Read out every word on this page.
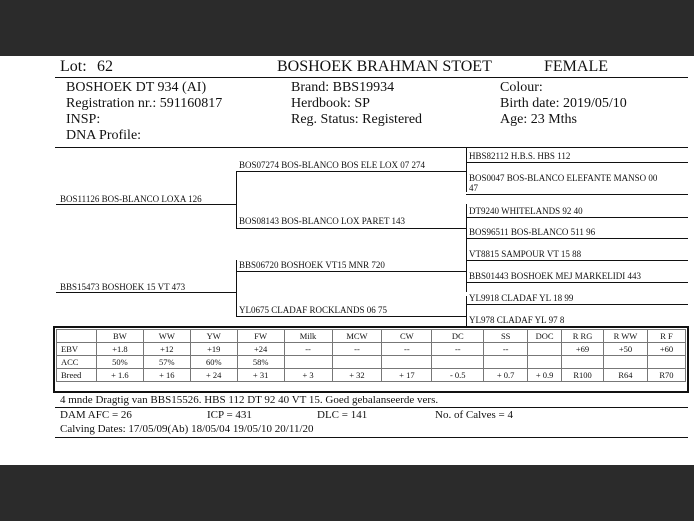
Lot: 62	BOSHOEK BRAHMAN STOET	FEMALE
BOSHOEK DT 934 (AI)
Registration nr.: 591160817
INSP:
DNA Profile:
Brand: BBS19934
Herdbook: SP
Reg. Status: Registered
Colour:
Birth date: 2019/05/10
Age: 23 Mths
BOS11126 BOS-BLANCO LOXA 126
BBS15473 BOSHOEK 15 VT 473
BOS07274 BOS-BLANCO BOS ELE LOX 07 274
BOS08143 BOS-BLANCO LOX PARET 143
BBS06720 BOSHOEK VT15 MNR 720
YL0675 CLADAF ROCKLANDS 06 75
HBS82112 H.B.S. HBS 112
BOS0047 BOS-BLANCO ELEFANTE MANSO 00
47
DT9240 WHITELANDS 92 40
BOS96511 BOS-BLANCO 511 96
VT8815 SAMPOUR VT 15 88
BBS01443 BOSHOEK MEJ MARKELIDI 443
YL9918 CLADAF YL 18 99
YL978 CLADAF YL 97 8
	BW	WW	YW	FW	Milk	MCW	CW	DC	SS	DOC	R RG	R WW	R F
EBV	+1.8	+12	+19	+24	--	--	--	--	--		+69	+50	+60
ACC	50%	57%	60%	58%									
Breed	+ 1.6	+ 16	+ 24	+ 31	+ 3	+ 32	+ 17	- 0.5	+ 0.7	+ 0.9	R100	R64	R70
4 mnde Dragtig van BBS15526. HBS 112 DT 92 40 VT 15. Goed gebalanseerde vers.
DAM AFC = 26	ICP = 431	DLC = 141	No. of Calves = 4
Calving Dates: 17/05/09(Ab) 18/05/04 19/05/10 20/11/20
